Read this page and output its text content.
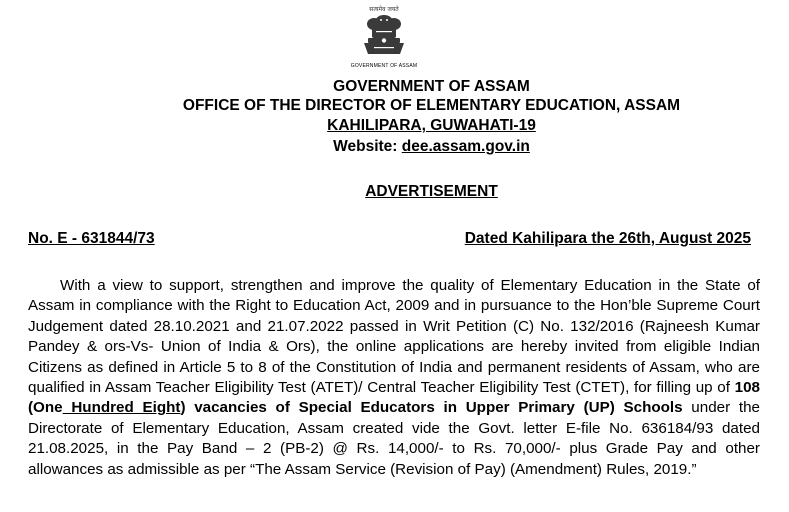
सत्यमेव जयते
GOVERNMENT OF ASSAM
GOVERNMENT OF ASSAM
OFFICE OF THE DIRECTOR OF ELEMENTARY EDUCATION, ASSAM
KAHILIPARA, GUWAHATI-19
Website: dee.assam.gov.in
ADVERTISEMENT
No. E - 631844/73	Dated Kahilipara the 26th, August 2025
With a view to support, strengthen and improve the quality of Elementary Education in the State of Assam in compliance with the Right to Education Act, 2009 and in pursuance to the Hon’ble Supreme Court Judgement dated 28.10.2021 and 21.07.2022 passed in Writ Petition (C) No. 132/2016 (Rajneesh Kumar Pandey & ors-Vs- Union of India & Ors), the online applications are hereby invited from eligible Indian Citizens as defined in Article 5 to 8 of the Constitution of India and permanent residents of Assam, who are qualified in Assam Teacher Eligibility Test (ATET)/ Central Teacher Eligibility Test (CTET), for filling up of 108 (One Hundred Eight) vacancies of Special Educators in Upper Primary (UP) Schools under the Directorate of Elementary Education, Assam created vide the Govt. letter E-file No. 636184/93 dated 21.08.2025, in the Pay Band – 2 (PB-2) @ Rs. 14,000/- to Rs. 70,000/- plus Grade Pay and other allowances as admissible as per “The Assam Service (Revision of Pay) (Amendment) Rules, 2019.”
